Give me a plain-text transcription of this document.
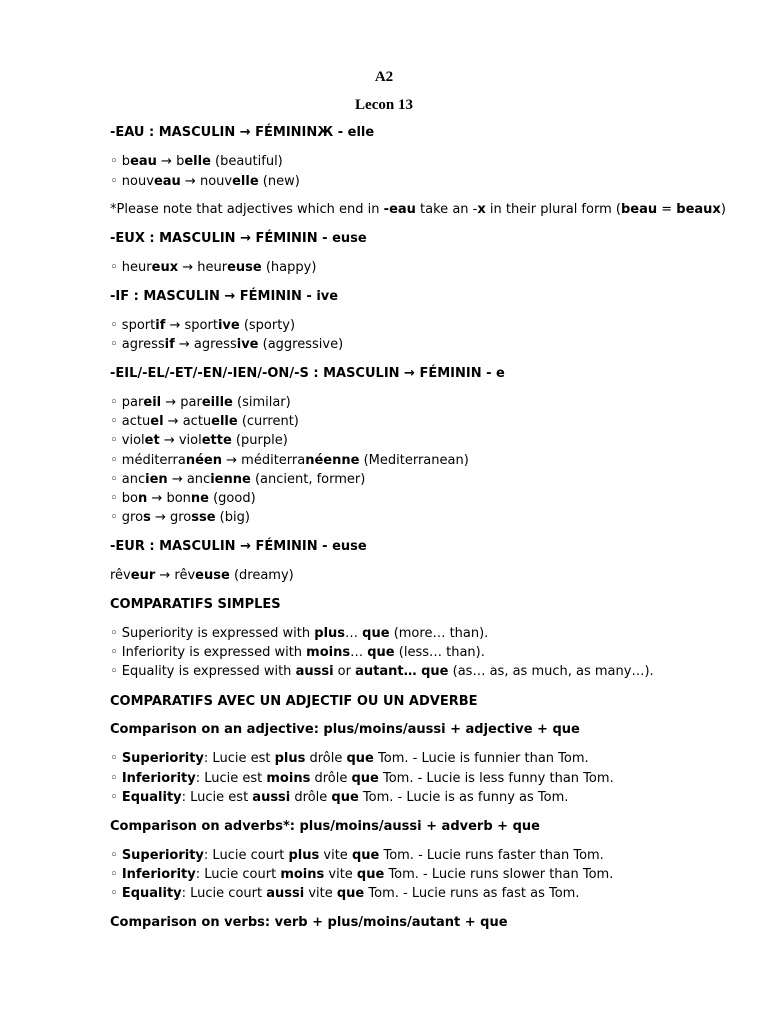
A2
Lecon 13
-EAU : MASCULIN → FÉMININЖ - elle
◦ beau → belle (beautiful)
◦ nouveau → nouvelle (new)
*Please note that adjectives which end in -eau take an -x in their plural form (beau = beaux)
-EUX : MASCULIN → FÉMININ - euse
◦ heureux → heureuse (happy)
-IF : MASCULIN → FÉMININ - ive
◦ sportif → sportive (sporty)
◦ agressif → agressive (aggressive)
-EIL/-EL/-ET/-EN/-IEN/-ON/-S : MASCULIN → FÉMININ - e
◦ pareil → pareille (similar)
◦ actuel → actuelle (current)
◦ violet → violette (purple)
◦ méditerranéen → méditerranéenne (Mediterranean)
◦ ancien → ancienne (ancient, former)
◦ bon → bonne (good)
◦ gros → grosse (big)
-EUR : MASCULIN → FÉMININ - euse
rêveur → rêveuse (dreamy)
COMPARATIFS SIMPLES
◦ Superiority is expressed with plus… que (more… than).
◦ Inferiority is expressed with moins… que (less… than).
◦ Equality is expressed with aussi or autant… que (as… as, as much, as many…).
COMPARATIFS AVEC UN ADJECTIF OU UN ADVERBE
Comparison on an adjective: plus/moins/aussi + adjective + que
◦ Superiority: Lucie est plus drôle que Tom. - Lucie is funnier than Tom.
◦ Inferiority: Lucie est moins drôle que Tom. - Lucie is less funny than Tom.
◦ Equality: Lucie est aussi drôle que Tom. - Lucie is as funny as Tom.
Comparison on adverbs*: plus/moins/aussi + adverb + que
◦ Superiority: Lucie court plus vite que Tom. - Lucie runs faster than Tom.
◦ Inferiority: Lucie court moins vite que Tom. - Lucie runs slower than Tom.
◦ Equality: Lucie court aussi vite que Tom. - Lucie runs as fast as Tom.
Comparison on verbs: verb + plus/moins/autant + que
